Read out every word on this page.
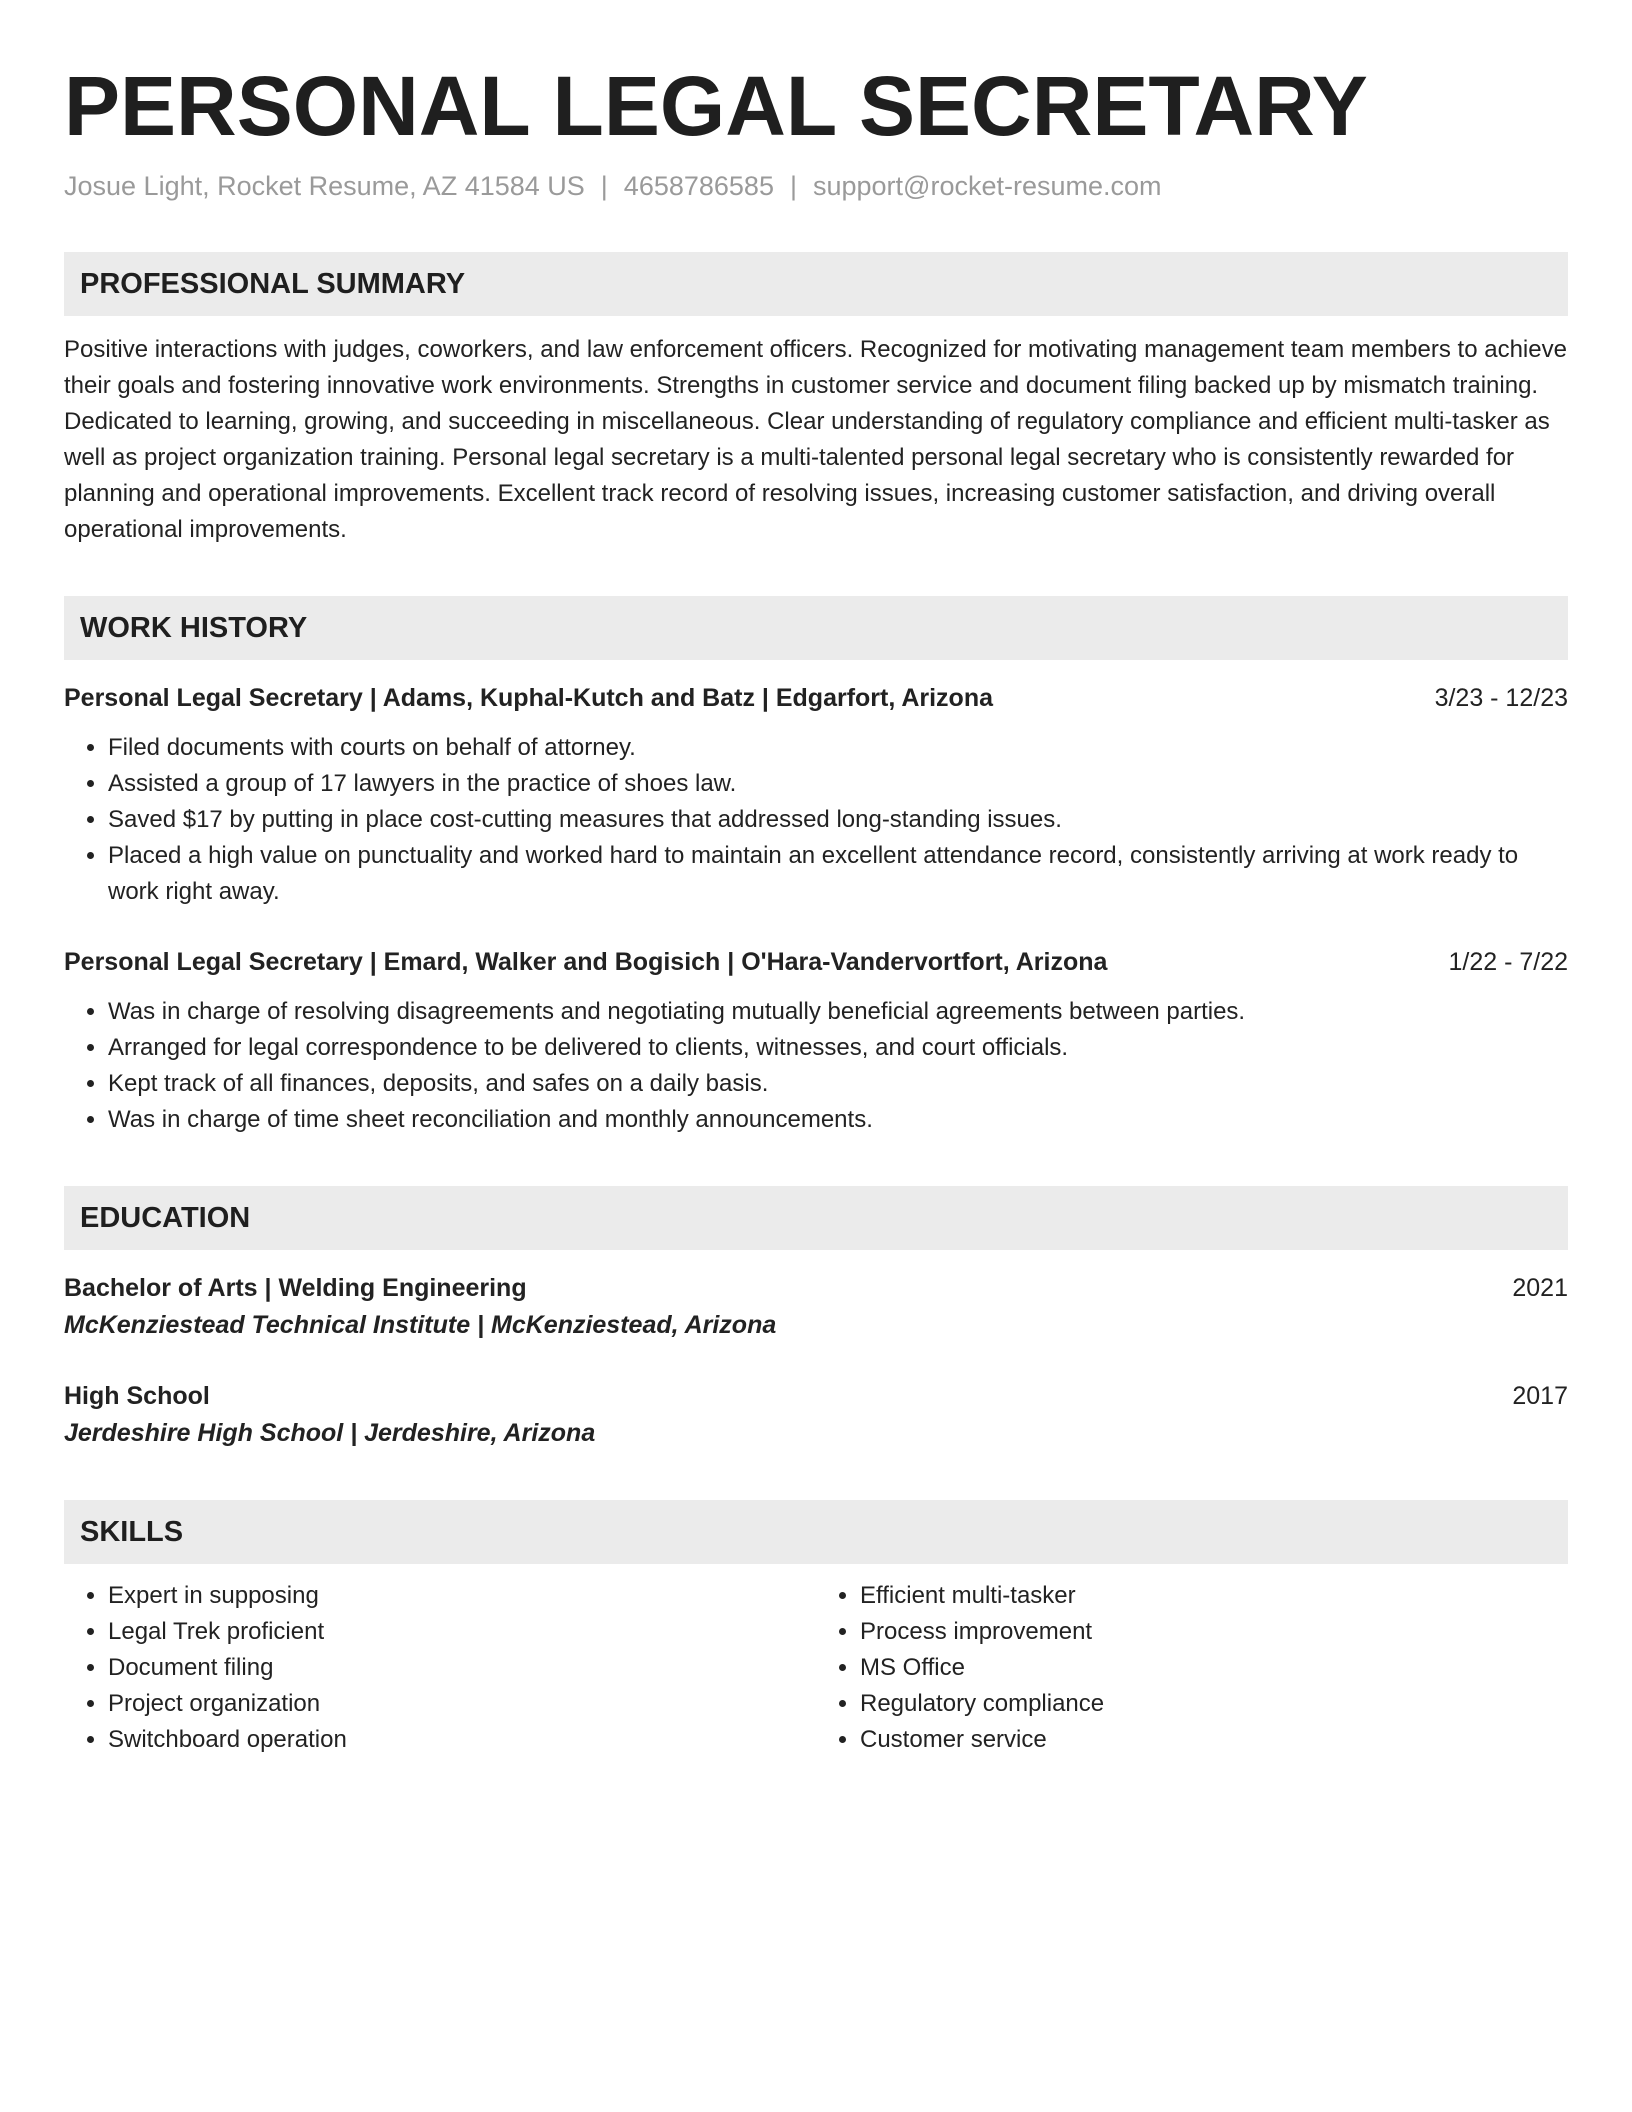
PERSONAL LEGAL SECRETARY
Josue Light, Rocket Resume, AZ 41584 US | 4658786585 | support@rocket-resume.com
PROFESSIONAL SUMMARY
Positive interactions with judges, coworkers, and law enforcement officers. Recognized for motivating management team members to achieve their goals and fostering innovative work environments. Strengths in customer service and document filing backed up by mismatch training. Dedicated to learning, growing, and succeeding in miscellaneous. Clear understanding of regulatory compliance and efficient multi-tasker as well as project organization training. Personal legal secretary is a multi-talented personal legal secretary who is consistently rewarded for planning and operational improvements. Excellent track record of resolving issues, increasing customer satisfaction, and driving overall operational improvements.
WORK HISTORY
Personal Legal Secretary | Adams, Kuphal-Kutch and Batz | Edgarfort, Arizona	3/23 - 12/23
• Filed documents with courts on behalf of attorney.
• Assisted a group of 17 lawyers in the practice of shoes law.
• Saved $17 by putting in place cost-cutting measures that addressed long-standing issues.
• Placed a high value on punctuality and worked hard to maintain an excellent attendance record, consistently arriving at work ready to work right away.
Personal Legal Secretary | Emard, Walker and Bogisich | O'Hara-Vandervortfort, Arizona	1/22 - 7/22
• Was in charge of resolving disagreements and negotiating mutually beneficial agreements between parties.
• Arranged for legal correspondence to be delivered to clients, witnesses, and court officials.
• Kept track of all finances, deposits, and safes on a daily basis.
• Was in charge of time sheet reconciliation and monthly announcements.
EDUCATION
Bachelor of Arts | Welding Engineering	2021
McKenziestead Technical Institute | McKenziestead, Arizona
High School	2017
Jerdeshire High School | Jerdeshire, Arizona
SKILLS
• Expert in supposing
• Legal Trek proficient
• Document filing
• Project organization
• Switchboard operation
• Efficient multi-tasker
• Process improvement
• MS Office
• Regulatory compliance
• Customer service
